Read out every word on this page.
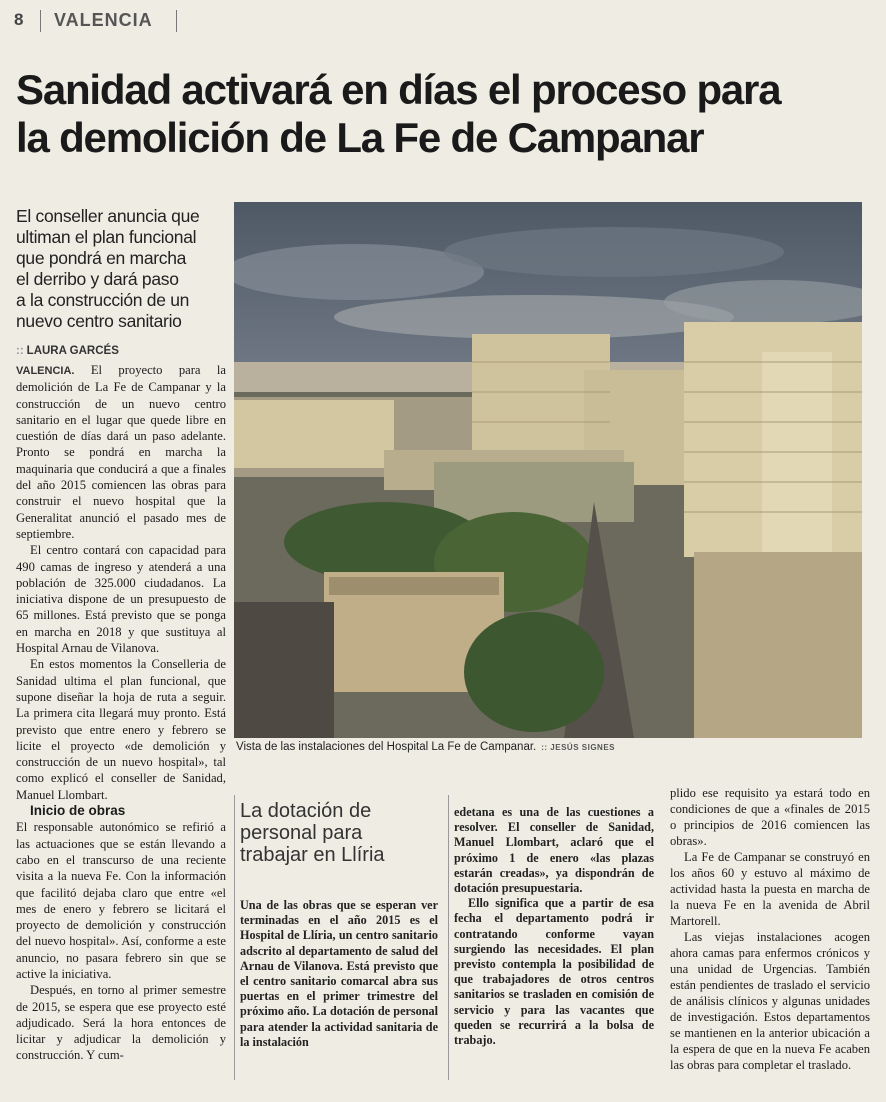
8 VALENCIA
Sanidad activará en días el proceso para
la demolición de La Fe de Campanar
El conseller anuncia que
ultiman el plan funcional
que pondrá en marcha
el derribo y dará paso
a la construcción de un
nuevo centro sanitario
:: LAURA GARCÉS

VALENCIA. El proyecto para la demolición de La Fe de Campanar y la construcción de un nuevo centro sanitario en el lugar que quede libre en cuestión de días dará un paso adelante. Pronto se pondrá en marcha la maquinaria que conducirá a que a finales del año 2015 comiencen las obras para construir el nuevo hospital que la Generalitat anunció el pasado mes de septiembre.

El centro contará con capacidad para 490 camas de ingreso y atenderá a una población de 325.000 ciudadanos. La iniciativa dispone de un presupuesto de 65 millones. Está previsto que se ponga en marcha en 2018 y que sustituya al Hospital Arnau de Vilanova.

En estos momentos la Conselleria de Sanidad ultima el plan funcional, que supone diseñar la hoja de ruta a seguir. La primera cita llegará muy pronto. Está previsto que entre enero y febrero se licite el proyecto «de demolición y construcción de un nuevo hospital», tal como explicó el conseller de Sanidad, Manuel Llombart.

Inicio de obras

El responsable autonómico se refirió a las actuaciones que se están llevando a cabo en el transcurso de una reciente visita a la nueva Fe. Con la información que facilitó dejaba claro que entre «el mes de enero y febrero se licitará el proyecto de demolición y construcción del nuevo hospital». Así, conforme a este anuncio, no pasara febrero sin que se active la iniciativa.

Después, en torno al primer semestre de 2015, se espera que ese proyecto esté adjudicado. Será la hora entonces de licitar y adjudicar la demolición y construcción. Y cum-

Vista de las instalaciones del Hospital La Fe de Campanar. :: JESÚS SIGNES
La dotación de
personal para
trabajar en Llíria

Una de las obras que se esperan ver terminadas en el año 2015 es el Hospital de Llíria, un centro sanitario adscrito al departamento de salud del Arnau de Vilanova. Está previsto que el centro sanitario comarcal abra sus puertas en el primer trimestre del próximo año. La dotación de personal para atender la actividad sanitaria de la instalación

edetana es una de las cuestiones a resolver. El conseller de Sanidad, Manuel Llombart, aclaró que el próximo 1 de enero «las plazas estarán creadas», ya dispondrán de dotación presupuestaria.

Ello significa que a partir de esa fecha el departamento podrá ir contratando conforme vayan surgiendo las necesidades. El plan previsto contempla la posibilidad de que trabajadores de otros centros sanitarios se trasladen en comisión de servicio y para las vacantes que queden se recurrirá a la bolsa de trabajo.

plido ese requisito ya estará todo en condiciones de que a «finales de 2015 o principios de 2016 comiencen las obras».

La Fe de Campanar se construyó en los años 60 y estuvo al máximo de actividad hasta la puesta en marcha de la nueva Fe en la avenida de Abril Martorell.

Las viejas instalaciones acogen ahora camas para enfermos crónicos y una unidad de Urgencias. También están pendientes de traslado el servicio de análisis clínicos y algunas unidades de investigación. Estos departamentos se mantienen en la anterior ubicación a la espera de que en la nueva Fe acaben las obras para completar el traslado.
